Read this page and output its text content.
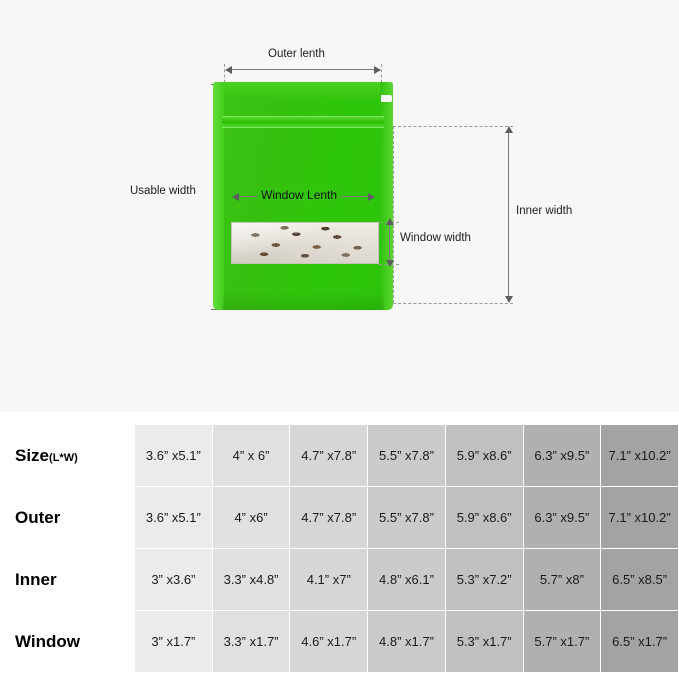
Outer lenth
Usable width	Window Lenth
Window width
Inner width
Size(L*W)	3.6” x5.1”	4” x 6”	4.7” x7.8”	5.5” x7.8”	5.9” x8.6”	6.3” x9.5”	7.1” x10.2”
Outer	3.6” x5.1”	4” x6”	4.7” x7.8”	5.5” x7.8”	5.9” x8.6”	6.3” x9.5”	7.1” x10.2”
Inner	3” x3.6”	3.3” x4.8”	4.1” x7”	4.8” x6.1”	5.3” x7.2”	5.7” x8”	6.5” x8.5”
Window	3” x1.7”	3.3” x1.7”	4.6” x1.7”	4.8” x1.7”	5.3” x1.7”	5.7” x1.7”	6.5” x1.7”
